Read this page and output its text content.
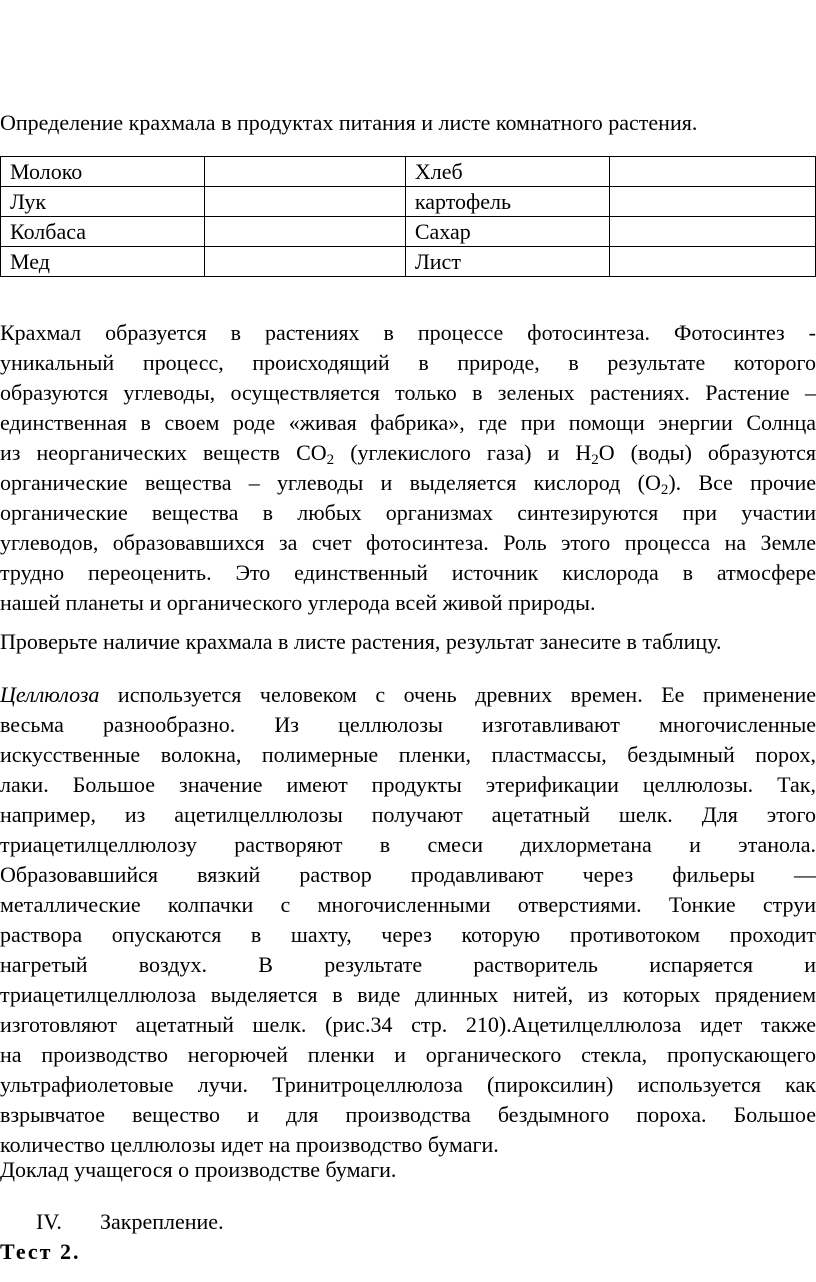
Определение крахмала в продуктах питания и листе комнатного растения.
Молоко		Хлеб	
Лук		картофель	
Колбаса		Сахар	
Мед		Лист	
Крахмал образуется в растениях в процессе фотосинтеза. Фотосинтез -
уникальный процесс, происходящий в природе, в результате которого
образуются углеводы, осуществляется только в зеленых растениях. Растение –
единственная в своем роде «живая фабрика», где при помощи энергии Солнца
из неорганических веществ $СО_2$ (углекислого газа) и $Н_2О$ (воды) образуются
органические вещества – углеводы и выделяется кислород $(О_2)$. Все прочие
органические вещества в любых организмах синтезируются при участии
углеводов, образовавшихся за счет фотосинтеза. Роль этого процесса на Земле
трудно переоценить. Это единственный источник кислорода в атмосфере
нашей планеты и органического углерода всей живой природы.
Проверьте наличие крахмала в листе растения, результат занесите в таблицу.
Целлюлоза используется человеком с очень древних времен. Ее применение
весьма разнообразно. Из целлюлозы изготавливают многочисленные
искусственные волокна, полимерные пленки, пластмассы, бездымный порох,
лаки. Большое значение имеют продукты этерификации целлюлозы. Так,
например, из ацетилцеллюлозы получают ацетатный шелк. Для этого
триацетилцеллюлозу растворяют в смеси дихлорметана и этанола.
Образовавшийся вязкий раствор продавливают через фильеры —
металлические колпачки с многочисленными отверстиями. Тонкие струи
раствора опускаются в шахту, через которую противотоком проходит
нагретый воздух. В результате растворитель испаряется и
триацетилцеллюлоза выделяется в виде длинных нитей, из которых прядением
изготовляют ацетатный шелк. (рис.34 стр. 210).Ацетилцеллюлоза идет также
на производство негорючей пленки и органического стекла, пропускающего
ультрафиолетовые лучи. Тринитроцеллюлоза (пироксилин) используется как
взрывчатое вещество и для производства бездымного пороха. Большое
количество целлюлозы идет на производство бумаги.
Доклад учащегося о производстве бумаги.
IV. Закрепление.
Тест 2.
